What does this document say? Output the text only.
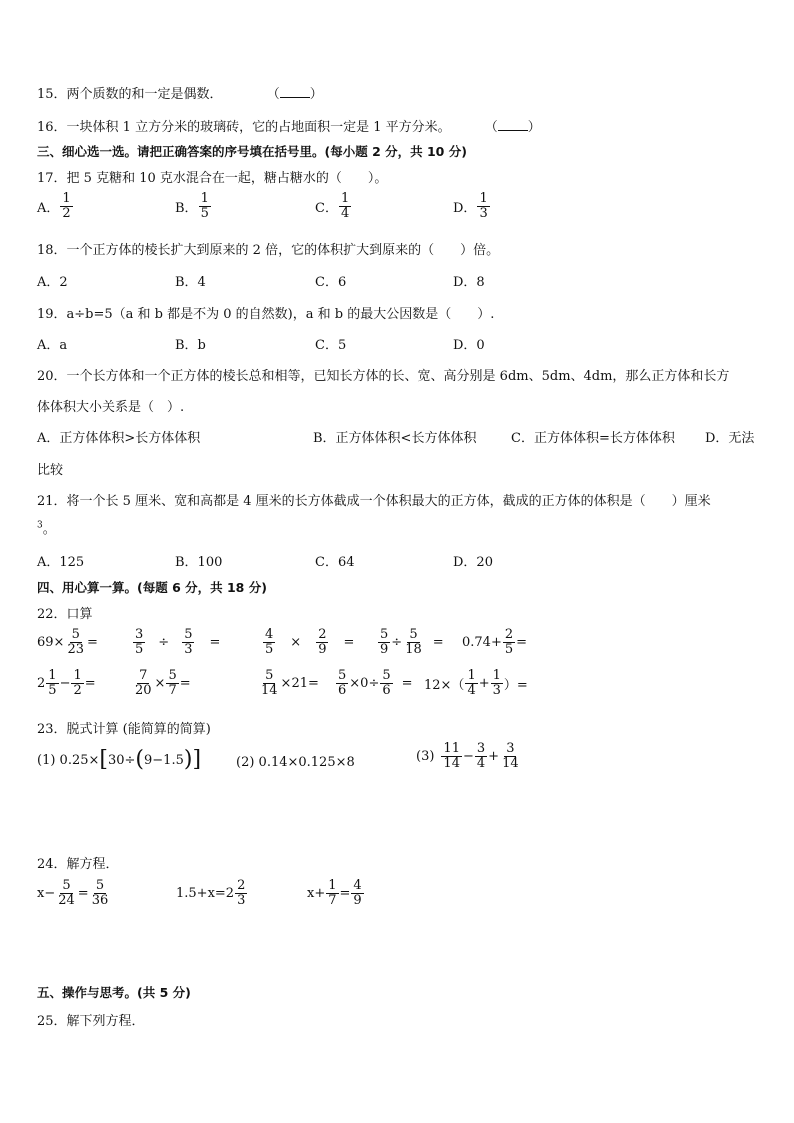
15．两个质数的和一定是偶数．	（ ）
16．一块体积 1 立方分米的玻璃砖，它的占地面积一定是 1 平方分米。	（ ）
三、细心选一选。请把正确答案的序号填在括号里。(每小题 2 分，共 10 分)
17．把 5 克糖和 10 克水混合在一起，糖占糖水的（　　）。
A． $\frac{1}{2}$	B． $\frac{1}{5}$	C． $\frac{1}{4}$	D． $\frac{1}{3}$
18．一个正方体的棱长扩大到原来的 2 倍，它的体积扩大到原来的（　　）倍。
A．2	B．4	C．6	D．8
19．a÷b=5（a 和 b 都是不为 0 的自然数)，a 和 b 的最大公因数是（　　）.
A．a	B．b	C．5	D．0
20．一个长方体和一个正方体的棱长总和相等，已知长方体的长、宽、高分别是 6dm、5dm、4dm，那么正方体和长方
体体积大小关系是（　）.
A．正方体体积>长方体体积	B．正方体体积<长方体体积	C．正方体体积=长方体体积 D．无法
比较
21．将一个长 5 厘米、宽和高都是 4 厘米的长方体截成一个体积最大的正方体，截成的正方体的体积是（　　）厘米
$^3$。
A．125	B．100	C．64	D．20
四、用心算一算。(每题 6 分，共 18 分)
22．口算
$69 \times \frac{5}{23}$ =	$\frac{3}{5} \div \frac{5}{3}$ =	$\frac{4}{5} \times \frac{2}{9} = \frac{5}{9} \div \frac{5}{18} = 0.74+ \frac{2}{5}$ =
$2 \frac{1}{5} - \frac{1}{2}$ =	$\frac{7}{20} \times \frac{5}{7}$ =	$\frac{5}{14} \times 21= \frac{5}{6} \times 0\div \frac{5}{6} = 12\times( \frac{1}{4} + \frac{1}{3}$ ）=
23．脱式计算 (能简算的简算)
(1) 0.25× [ 30÷ ( 9−1.5 ) ]	(2) 0.14×0.125×8	$(3) \frac{11}{14} - \frac{3}{4} + \frac{3}{14}$
24．解方程．
$x- \frac{5}{24} = \frac{5}{36}$	$1.5+x=2 \frac{2}{3}$	$x+ \frac{1}{7} = \frac{4}{9}$
五、操作与思考。(共 5 分)
25．解下列方程．
